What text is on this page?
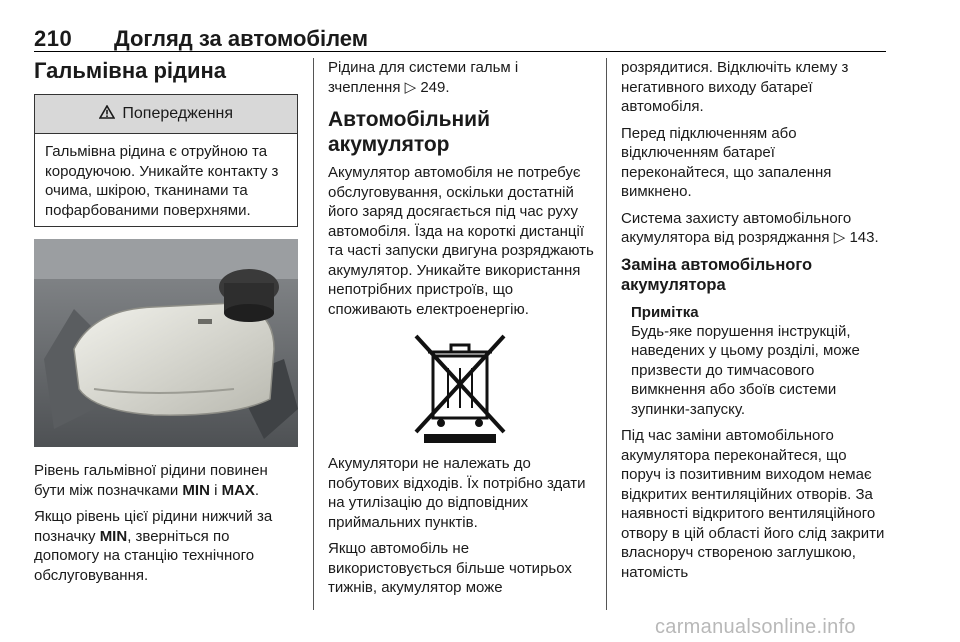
210 Догляд за автомобілем
Гальмівна рідина
Попередження
Гальмівна рідина є отруйною та кородуючою. Уникайте контакту з очима, шкірою, тканинами та пофарбованими поверхнями.

Рівень гальмівної рідини повинен бути між позначками MIN і MAX.

Якщо рівень цієї рідини нижчий за позначку MIN, зверніться по допомогу на станцію технічного обслуговування.

Рідина для системи гальм і зчеплення ▷ 249.

Автомобільний акумулятор

Акумулятор автомобіля не потребує обслуговування, оскільки достатній його заряд досягається під час руху автомобіля. Їзда на короткі дистанції та часті запуски двигуна розряджають акумулятор. Уникайте використання непотрібних пристроїв, що споживають електроенергію.

Акумулятори не належать до побутових відходів. Їх потрібно здати на утилізацію до відповідних приймальних пунктів.

Якщо автомобіль не використовується більше чотирьох тижнів, акумулятор може

розрядитися. Відключіть клему з негативного виходу батареї автомобіля.

Перед підключенням або відключенням батареї переконайтеся, що запалення вимкнено.

Система захисту автомобільного акумулятора від розряджання ▷ 143.

Заміна автомобільного акумулятора
Примітка

Будь-яке порушення інструкцій, наведених у цьому розділі, може призвести до тимчасового вимкнення або збоїв системи зупинки-запуску.

Під час заміни автомобільного акумулятора переконайтеся, що поруч із позитивним виходом немає відкритих вентиляційних отворів. За наявності відкритого вентиляційного отвору в цій області його слід закрити власноруч створеною заглушкою, натомість

carmanualsonline.info
